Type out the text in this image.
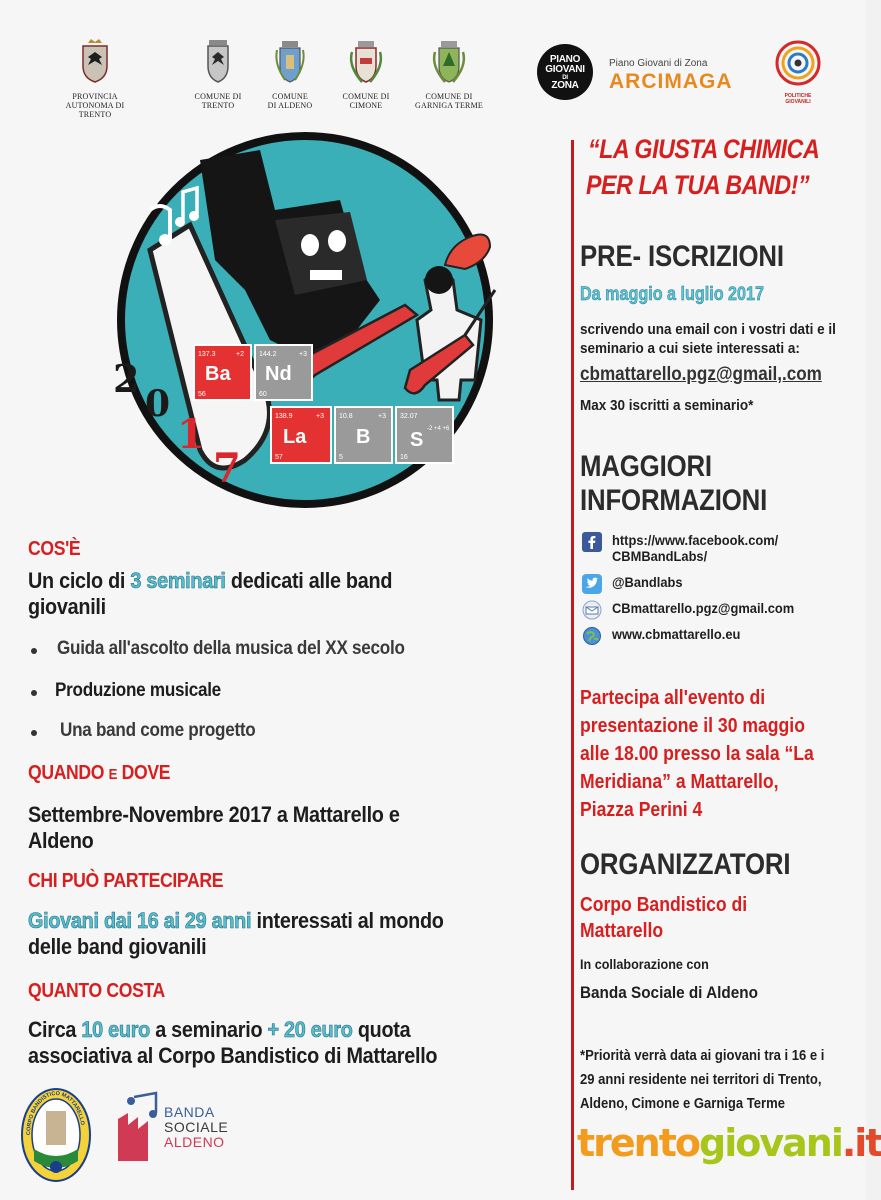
PROVINCIA AUTONOMA DI TRENTO
COMUNE DI TRENTO
COMUNE DI ALDENO
COMUNE DI CIMONE
COMUNE DI GARNIGA TERME
PIANO
GIOVANI
DI
ZONA
Piano Giovani di Zona
ARCIMAGA
POLITICHE GIOVANILI
137.3	+2
Ba
56
144.2	+3
Nd
60
138.9	+3
La
57
10.8	+3
B
5
32.07
-2 +4 +6
S
16
2
0
1
7
COS'È
Un ciclo di 3 seminari dedicati alle band
giovanili
Guida all'ascolto della musica del XX secolo
Produzione musicale
Una band come progetto
QUANDO E DOVE
Settembre-Novembre 2017 a Mattarello e
Aldeno
CHI PUÒ PARTECIPARE
Giovani dai 16 ai 29 anni interessati al mondo
delle band giovanili
QUANTO COSTA
Circa 10 euro a seminario + 20 euro quota
associativa al Corpo Bandistico di Mattarello
CORPO BANDISTICO MATTARELLO
BANDA
SOCIALE
ALDENO
“LA GIUSTA CHIMICA
PER LA TUA BAND!”
PRE- ISCRIZIONI
Da maggio a luglio 2017
scrivendo una email con i vostri dati e il
seminario a cui siete interessati a:
cbmattarello.pgz@gmail,.com
Max 30 iscritti a seminario*
MAGGIORI
INFORMAZIONI
https://www.facebook.com/
CBMBandLabs/
@Bandlabs
CBmattarello.pgz@gmail.com
www.cbmattarello.eu
Partecipa all'evento di
presentazione il 30 maggio
alle 18.00 presso la sala “La
Meridiana” a Mattarello,
Piazza Perini 4
ORGANIZZATORI
Corpo Bandistico di
Mattarello
In collaborazione con
Banda Sociale di Aldeno
*Priorità verrà data ai giovani tra i 16 e i
29 anni residente nei territori di Trento,
Aldeno, Cimone e Garniga Terme
trentogiovani.it
